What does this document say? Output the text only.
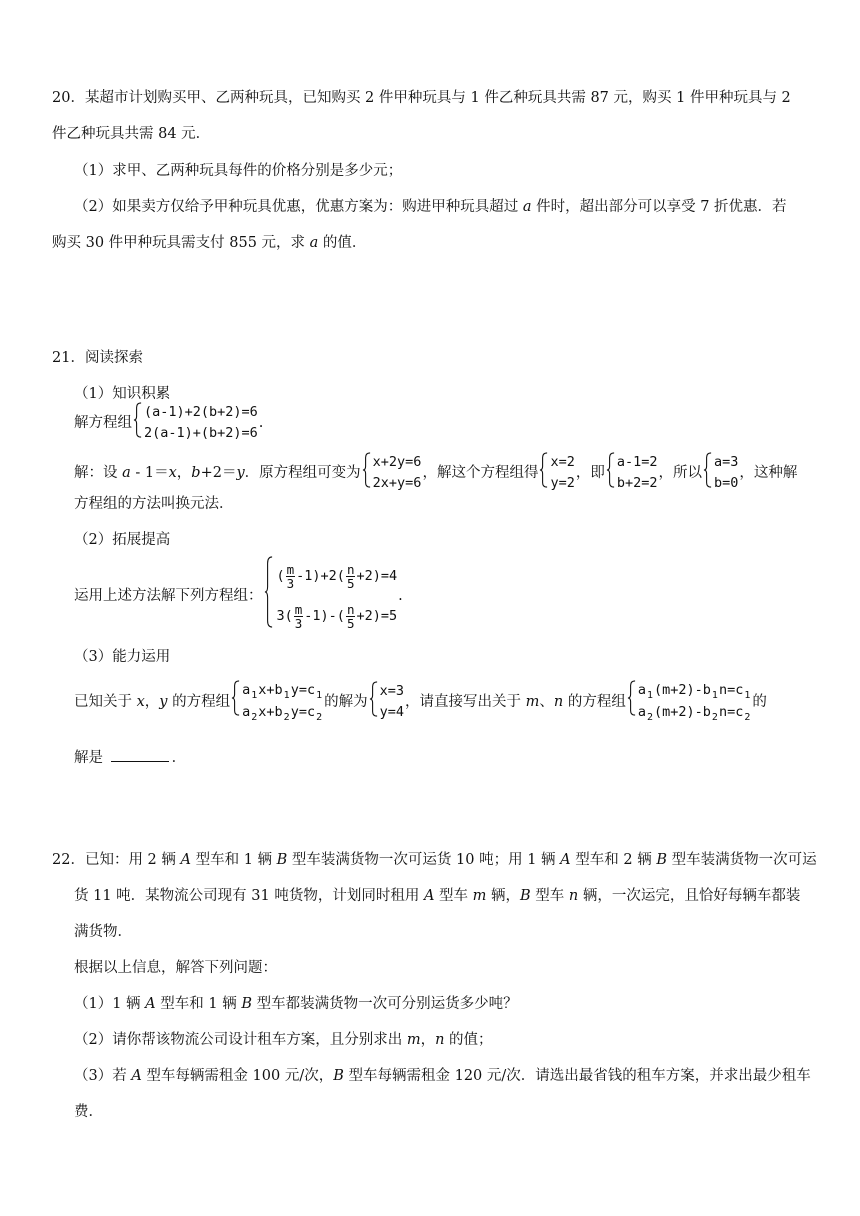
20．某超市计划购买甲、乙两种玩具，已知购买 2 件甲种玩具与 1 件乙种玩具共需 87 元，购买 1 件甲种玩具与 2
件乙种玩具共需 84 元．
（1）求甲、乙两种玩具每件的价格分别是多少元；
（2）如果卖方仅给予甲种玩具优惠，优惠方案为：购进甲种玩具超过 a 件时，超出部分可以享受 7 折优惠．若
购买 30 件甲种玩具需支付 855 元，求 a 的值．
21．阅读探索
（1）知识积累
解方程组
(a-1)+2(b+2)=6
2(a-1)+(b+2)=6
.
解：设 a - 1＝x，b+2＝y．原方程组可变为
x+2y=6
2x+y=6
，解这个方程组得
x=2
y=2
，即
a-1=2
b+2=2
，所以
a=3
b=0
，这种解
方程组的方法叫换元法．
（2）拓展提高
运用上述方法解下列方程组：
( $\frac{m}{3} -1)+2( \frac{n}{5} +2)=4$
$3( \frac{m}{3} -1)-( \frac{n}{5} +2)=5$
.
（3）能力运用
已知关于 x，y 的方程组
$a_1x+b_1y=c_1$
$a_2x+b_2y=c_2$
的解为
x=3
y=4
，请直接写出关于 m、n 的方程组
$a_1(m+2)-b_1n=c_1$
$a_2(m+2)-b_2n=c_2$
的
解是	．
22．已知：用 2 辆 A 型车和 1 辆 B 型车装满货物一次可运货 10 吨；用 1 辆 A 型车和 2 辆 B 型车装满货物一次可运
货 11 吨．某物流公司现有 31 吨货物，计划同时租用 A 型车 m 辆，B 型车 n 辆，一次运完，且恰好每辆车都装
满货物．
根据以上信息，解答下列问题：
（1）1 辆 A 型车和 1 辆 B 型车都装满货物一次可分别运货多少吨？
（2）请你帮该物流公司设计租车方案，且分别求出 m，n 的值；
（3）若 A 型车每辆需租金 100 元/次，B 型车每辆需租金 120 元/次．请选出最省钱的租车方案，并求出最少租车
费．
